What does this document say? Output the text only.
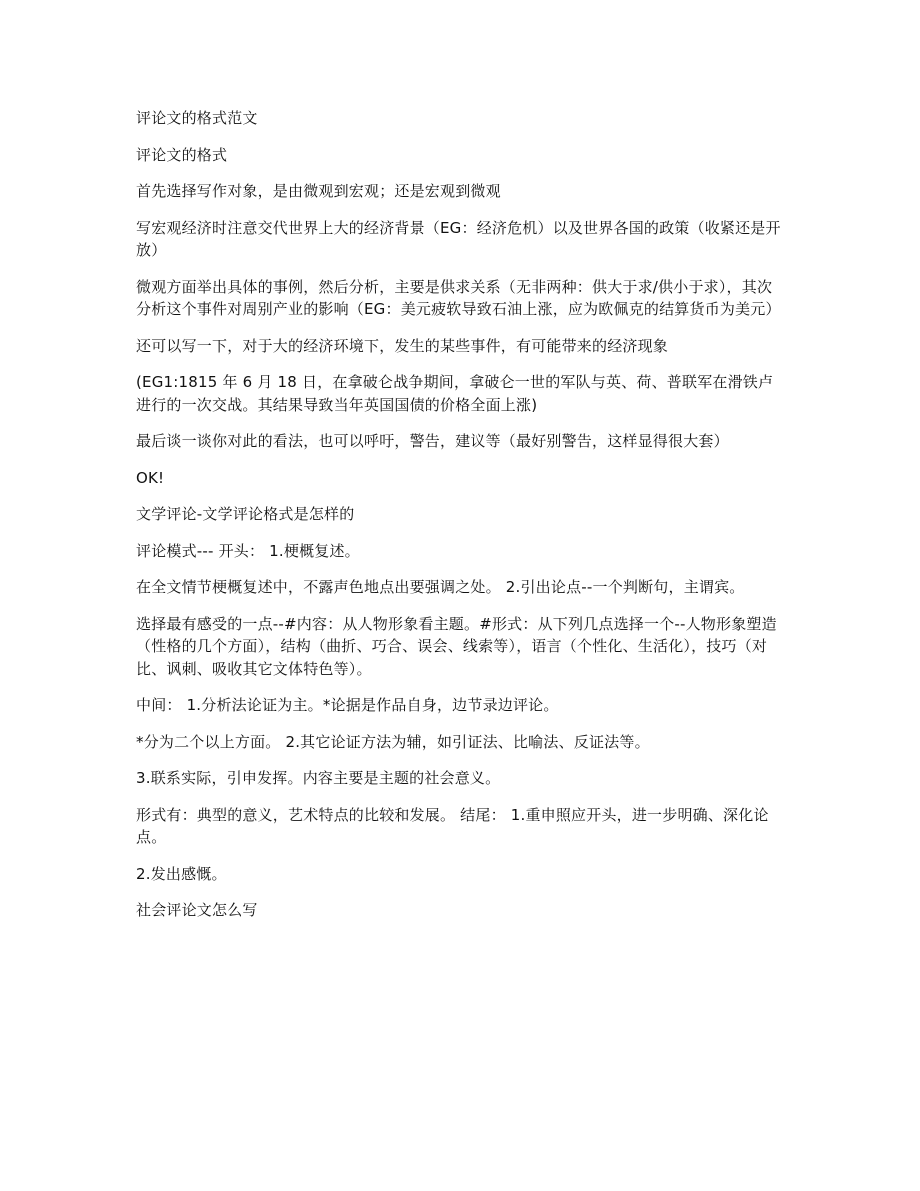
评论文的格式范文

评论文的格式

首先选择写作对象，是由微观到宏观；还是宏观到微观

写宏观经济时注意交代世界上大的经济背景（EG：经济危机）以及世界各国的政策（收紧还是开放）

微观方面举出具体的事例，然后分析，主要是供求关系（无非两种：供大于求/供小于求），其次分析这个事件对周别产业的影响（EG：美元疲软导致石油上涨，应为欧佩克的结算货币为美元）

还可以写一下，对于大的经济环境下，发生的某些事件，有可能带来的经济现象

(EG1:1815 年 6 月 18 日，在拿破仑战争期间，拿破仑一世的军队与英、荷、普联军在滑铁卢进行的一次交战。其结果导致当年英国国债的价格全面上涨)

最后谈一谈你对此的看法，也可以呼吁，警告，建议等（最好别警告，这样显得很大套）

OK!

文学评论-文学评论格式是怎样的

评论模式--- 开头： 1.梗概复述。

在全文情节梗概复述中，不露声色地点出要强调之处。 2.引出论点--一个判断句，主谓宾。

选择最有感受的一点--#内容：从人物形象看主题。#形式：从下列几点选择一个--人物形象塑造（性格的几个方面），结构（曲折、巧合、误会、线索等），语言（个性化、生活化），技巧（对比、讽刺、吸收其它文体特色等）。

中间： 1.分析法论证为主。*论据是作品自身，边节录边评论。

*分为二个以上方面。 2.其它论证方法为辅，如引证法、比喻法、反证法等。

3.联系实际，引申发挥。内容主要是主题的社会意义。

形式有：典型的意义，艺术特点的比较和发展。 结尾： 1.重申照应开头，进一步明确、深化论点。

2.发出感慨。

社会评论文怎么写
